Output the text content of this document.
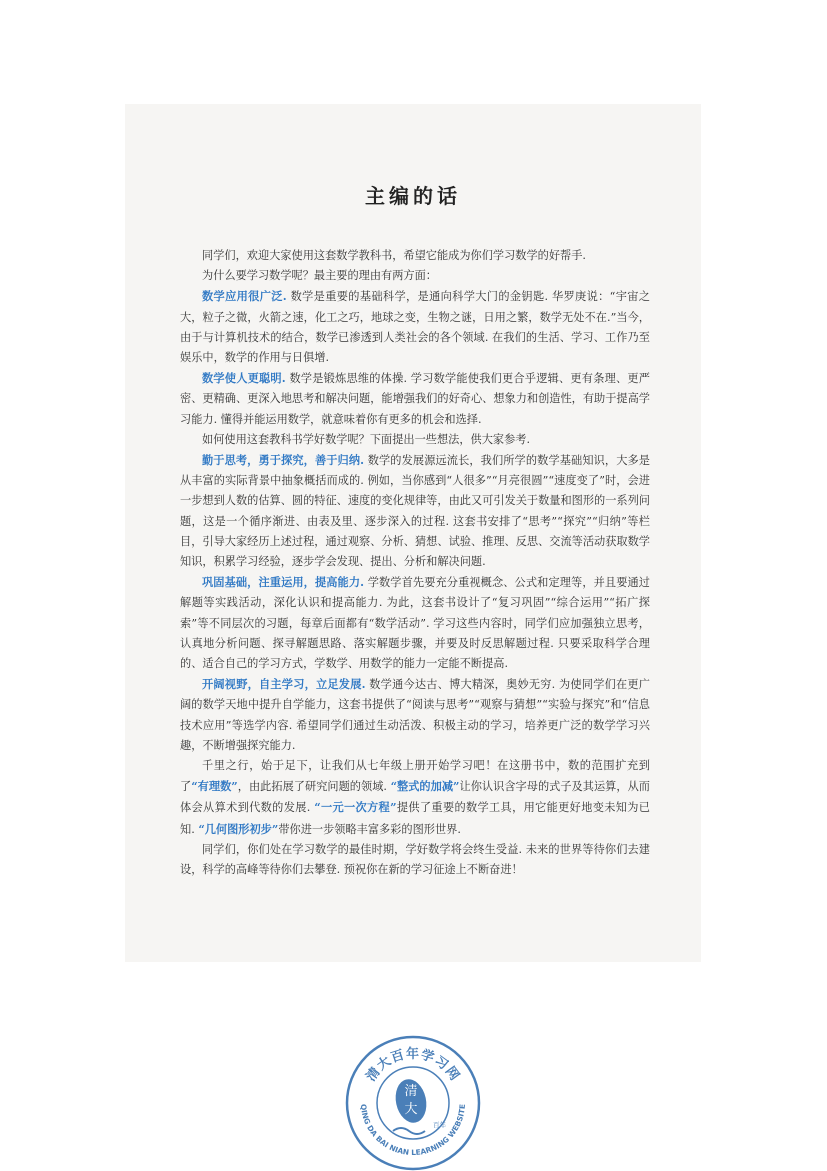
主编的话

同学们，欢迎大家使用这套数学教科书，希望它能成为你们学习数学的好帮手.

为什么要学习数学呢？最主要的理由有两方面：

数学应用很广泛. 数学是重要的基础科学，是通向科学大门的金钥匙. 华罗庚说：“宇宙之大，粒子之微，火箭之速，化工之巧，地球之变，生物之谜，日用之繁，数学无处不在.”当今，由于与计算机技术的结合，数学已渗透到人类社会的各个领域. 在我们的生活、学习、工作乃至娱乐中，数学的作用与日俱增.

数学使人更聪明. 数学是锻炼思维的体操. 学习数学能使我们更合乎逻辑、更有条理、更严密、更精确、更深入地思考和解决问题，能增强我们的好奇心、想象力和创造性，有助于提高学习能力. 懂得并能运用数学，就意味着你有更多的机会和选择.

如何使用这套教科书学好数学呢？下面提出一些想法，供大家参考.

勤于思考，勇于探究，善于归纳. 数学的发展源远流长，我们所学的数学基础知识，大多是从丰富的实际背景中抽象概括而成的. 例如，当你感到“人很多”“月亮很圆”“速度变了”时，会进一步想到人数的估算、圆的特征、速度的变化规律等，由此又可引发关于数量和图形的一系列问题，这是一个循序渐进、由表及里、逐步深入的过程. 这套书安排了“思考”“探究”“归纳”等栏目，引导大家经历上述过程，通过观察、分析、猜想、试验、推理、反思、交流等活动获取数学知识，积累学习经验，逐步学会发现、提出、分析和解决问题.

巩固基础，注重运用，提高能力. 学数学首先要充分重视概念、公式和定理等，并且要通过解题等实践活动，深化认识和提高能力. 为此，这套书设计了“复习巩固”“综合运用”“拓广探索”等不同层次的习题，每章后面都有“数学活动”. 学习这些内容时，同学们应加强独立思考，认真地分析问题、探寻解题思路、落实解题步骤，并要及时反思解题过程. 只要采取科学合理的、适合自己的学习方式，学数学、用数学的能力一定能不断提高.

开阔视野，自主学习，立足发展. 数学通今达古、博大精深，奥妙无穷. 为使同学们在更广阔的数学天地中提升自学能力，这套书提供了“阅读与思考”“观察与猜想”“实验与探究”和“信息技术应用”等选学内容. 希望同学们通过生动活泼、积极主动的学习，培养更广泛的数学学习兴趣，不断增强探究能力.

千里之行，始于足下，让我们从七年级上册开始学习吧！在这册书中，数的范围扩充到了“有理数”，由此拓展了研究问题的领域. “整式的加减”让你认识含字母的式子及其运算，从而体会从算术到代数的发展. “一元一次方程”提供了重要的数学工具，用它能更好地变未知为已知. “几何图形初步”带你进一步领略丰富多彩的图形世界.

同学们，你们处在学习数学的最佳时期，学好数学将会终生受益. 未来的世界等待你们去建设，科学的高峰等待你们去攀登. 预祝你在新的学习征途上不断奋进！

清大百年学习网
QING DA BAI NIAN LEARNING WEBSITE
清
大
百年
